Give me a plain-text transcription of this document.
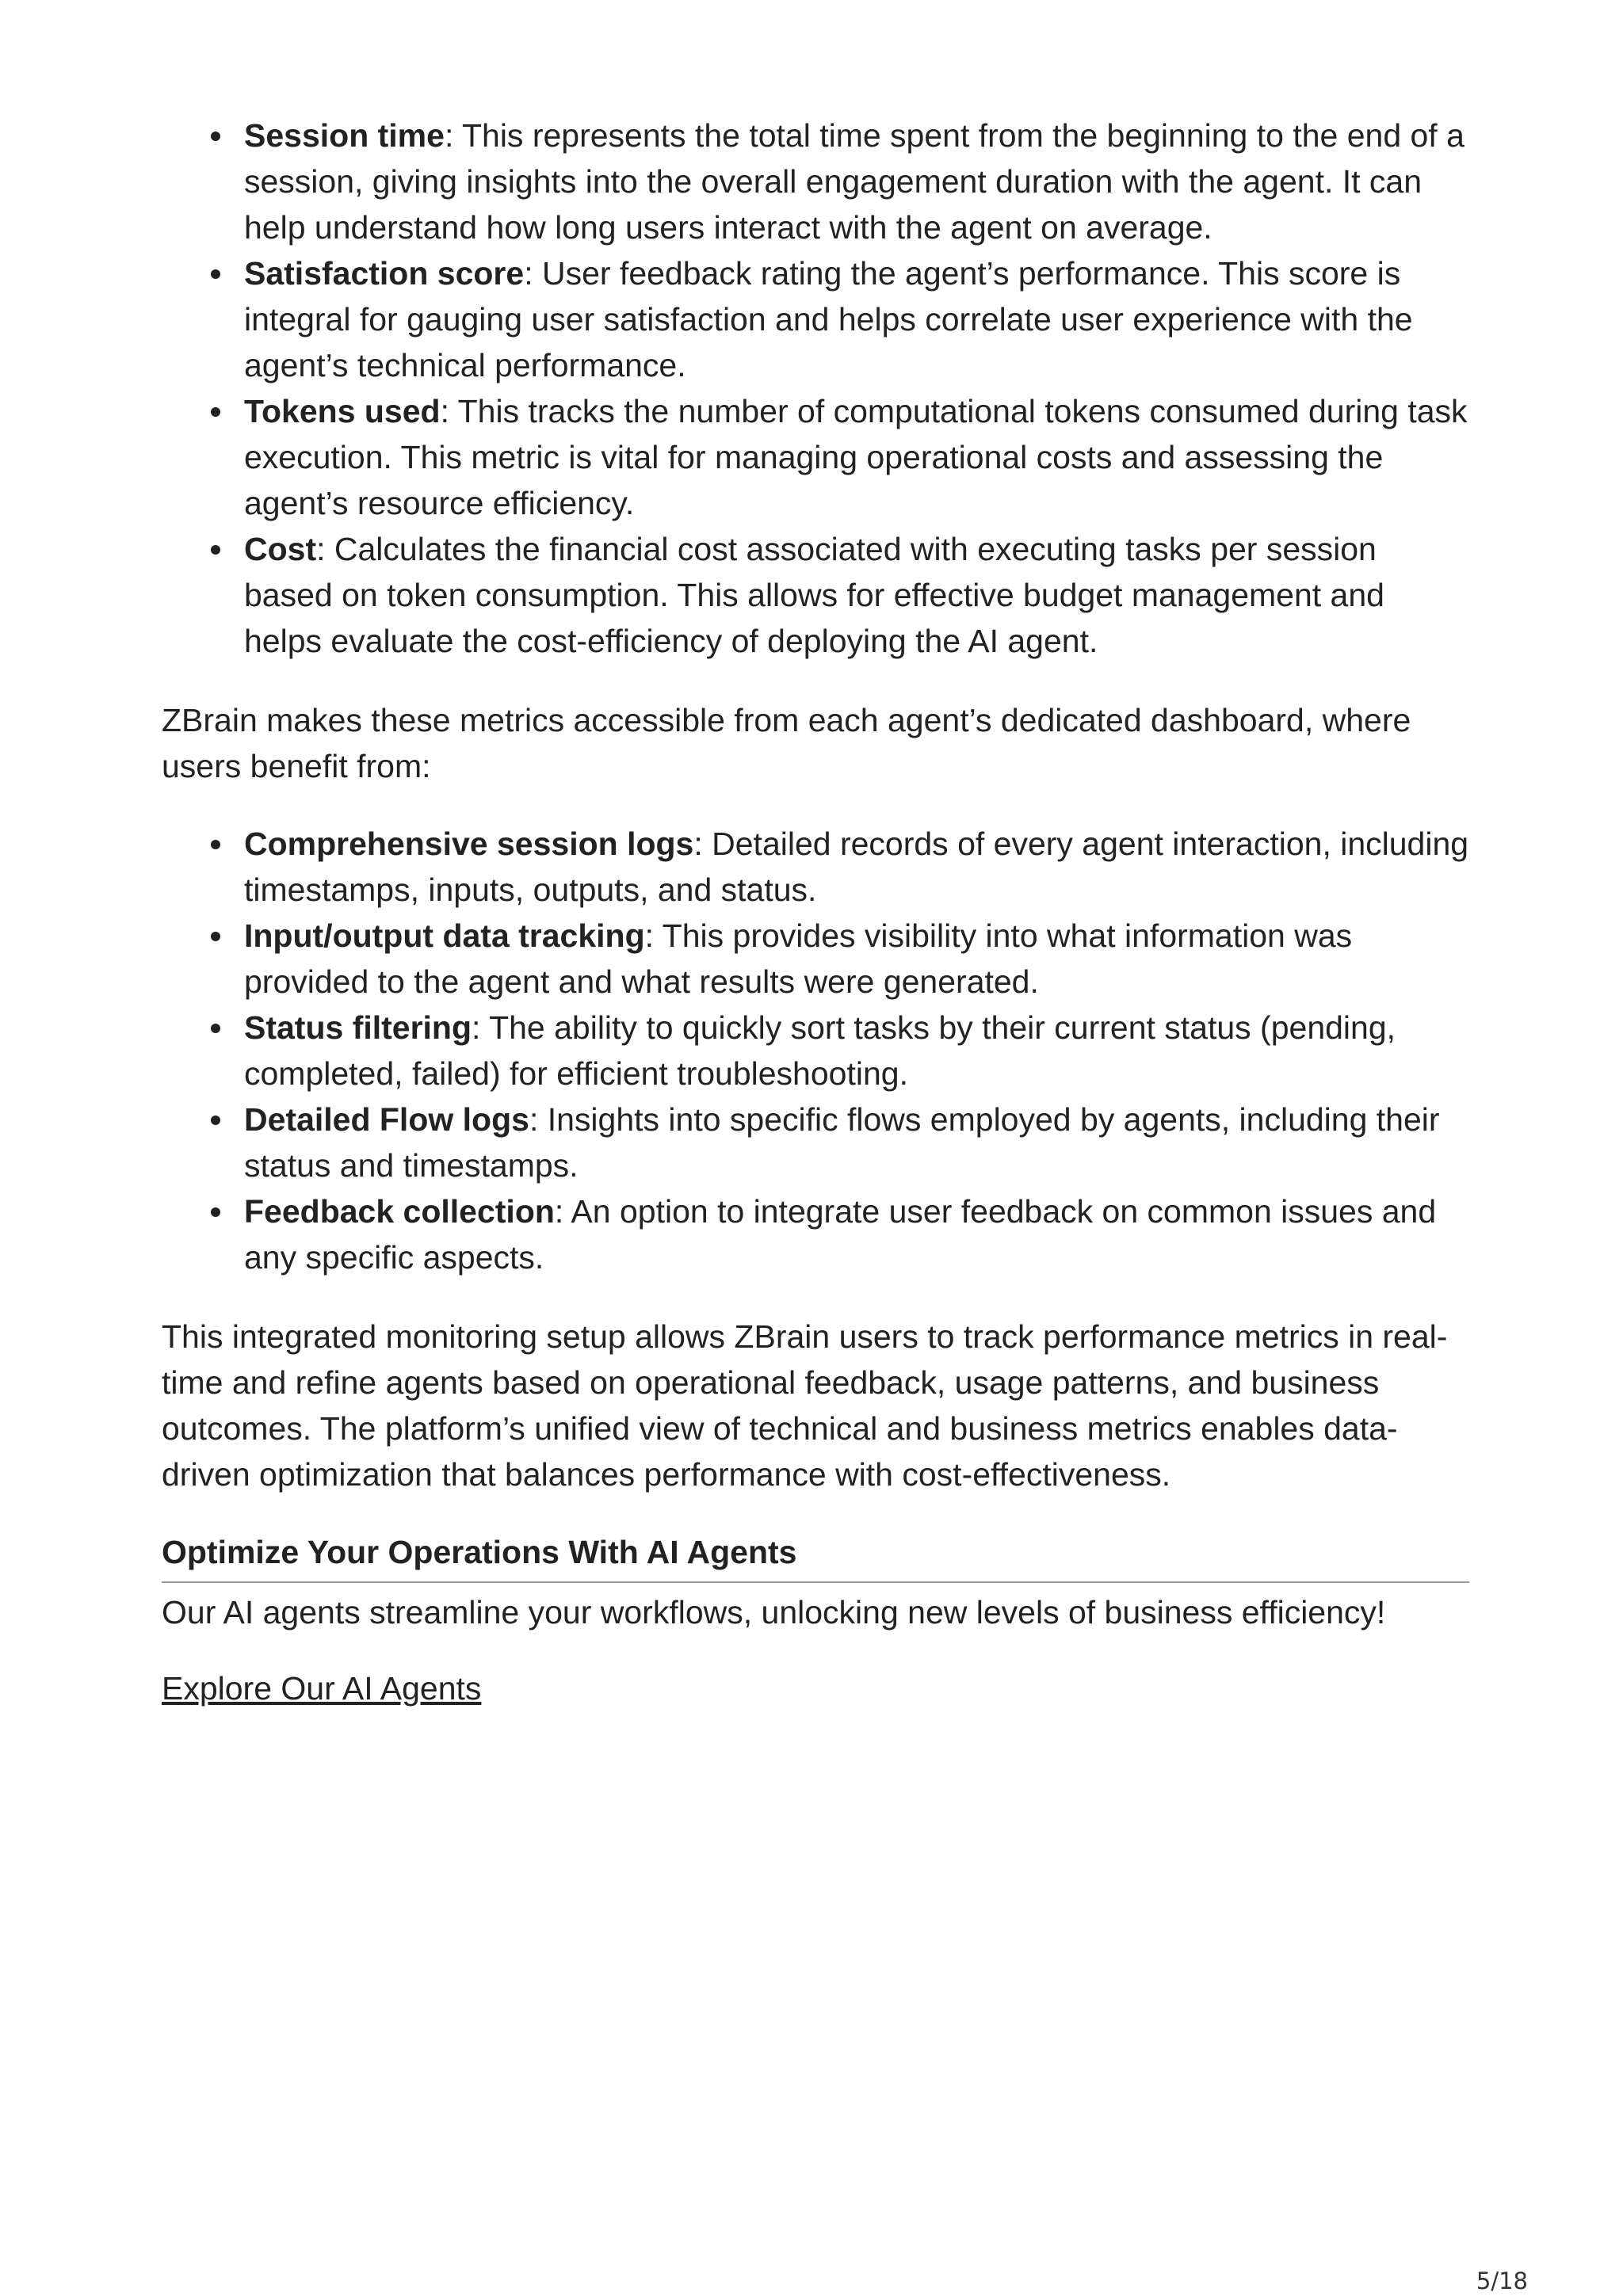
Session time: This represents the total time spent from the beginning to the end of a session, giving insights into the overall engagement duration with the agent. It can help understand how long users interact with the agent on average.
Satisfaction score: User feedback rating the agent’s performance. This score is integral for gauging user satisfaction and helps correlate user experience with the agent’s technical performance.
Tokens used: This tracks the number of computational tokens consumed during task execution. This metric is vital for managing operational costs and assessing the agent’s resource efficiency.
Cost: Calculates the financial cost associated with executing tasks per session based on token consumption. This allows for effective budget management and helps evaluate the cost-efficiency of deploying the AI agent.

ZBrain makes these metrics accessible from each agent’s dedicated dashboard, where users benefit from:

Comprehensive session logs: Detailed records of every agent interaction, including timestamps, inputs, outputs, and status.
Input/output data tracking: This provides visibility into what information was provided to the agent and what results were generated.
Status filtering: The ability to quickly sort tasks by their current status (pending, completed, failed) for efficient troubleshooting.
Detailed Flow logs: Insights into specific flows employed by agents, including their status and timestamps.
Feedback collection: An option to integrate user feedback on common issues and any specific aspects.

This integrated monitoring setup allows ZBrain users to track performance metrics in real-time and refine agents based on operational feedback, usage patterns, and business outcomes. The platform’s unified view of technical and business metrics enables data-driven optimization that balances performance with cost-effectiveness.

Optimize Your Operations With AI Agents

Our AI agents streamline your workflows, unlocking new levels of business efficiency!

Explore Our AI Agents
5/18
